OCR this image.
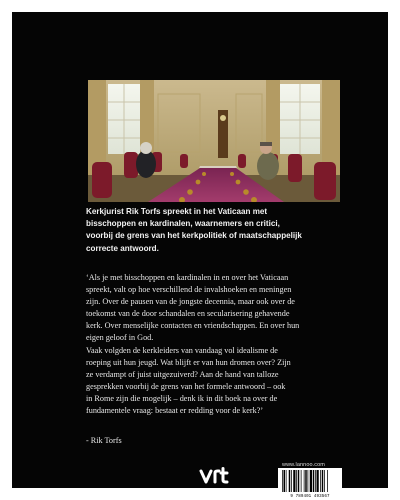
Kerkjurist Rik Torfs spreekt in het Vaticaan met
bisschoppen en kardinalen, waarnemers en critici,
voorbij de grens van het kerkpolitiek of maatschappelijk
correcte antwoord.

‘Als je met bisschoppen en kardinalen in en over het Vaticaan
spreekt, valt op hoe verschillend de invalshoeken en meningen
zijn. Over de pausen van de jongste decennia, maar ook over de
toekomst van de door schandalen en secularisering gehavende
kerk. Over menselijke contacten en vriendschappen. En over hun
eigen geloof in God.
Vaak volgden de kerkleiders van vandaag vol idealisme de
roeping uit hun jeugd. Wat blijft er van hun dromen over? Zijn
ze verdampt of juist uitgezuiverd? Aan de hand van talloze
gesprekken voorbij de grens van het formele antwoord – ook
in Rome zijn die mogelijk – denk ik in dit boek na over de
fundamentele vraag: bestaat er redding voor de kerk?’

- Rik Torfs
CANVAS
www.lannoo.com
9 789401 493567
